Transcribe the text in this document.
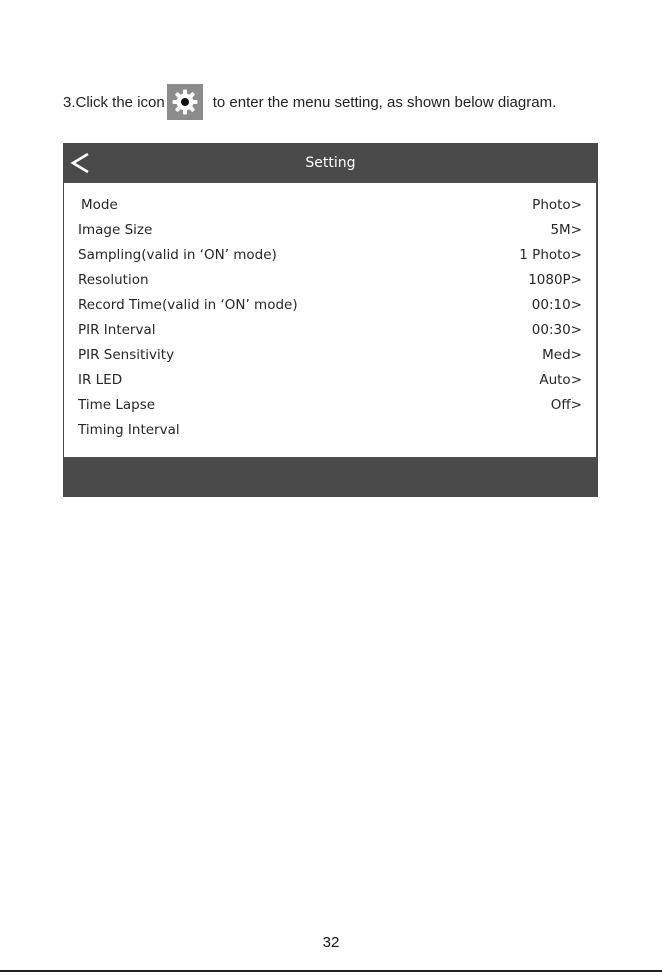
3.Click the icon	to enter the menu setting, as shown below diagram.
Setting
Mode	Photo>
Image Size	5M>
Sampling(valid in ‘ON’ mode)	1 Photo>
Resolution	1080P>
Record Time(valid in ‘ON’ mode)	00:10>
PIR Interval	00:30>
PIR Sensitivity	Med>
IR LED	Auto>
Time Lapse	Off>
Timing Interval
32
